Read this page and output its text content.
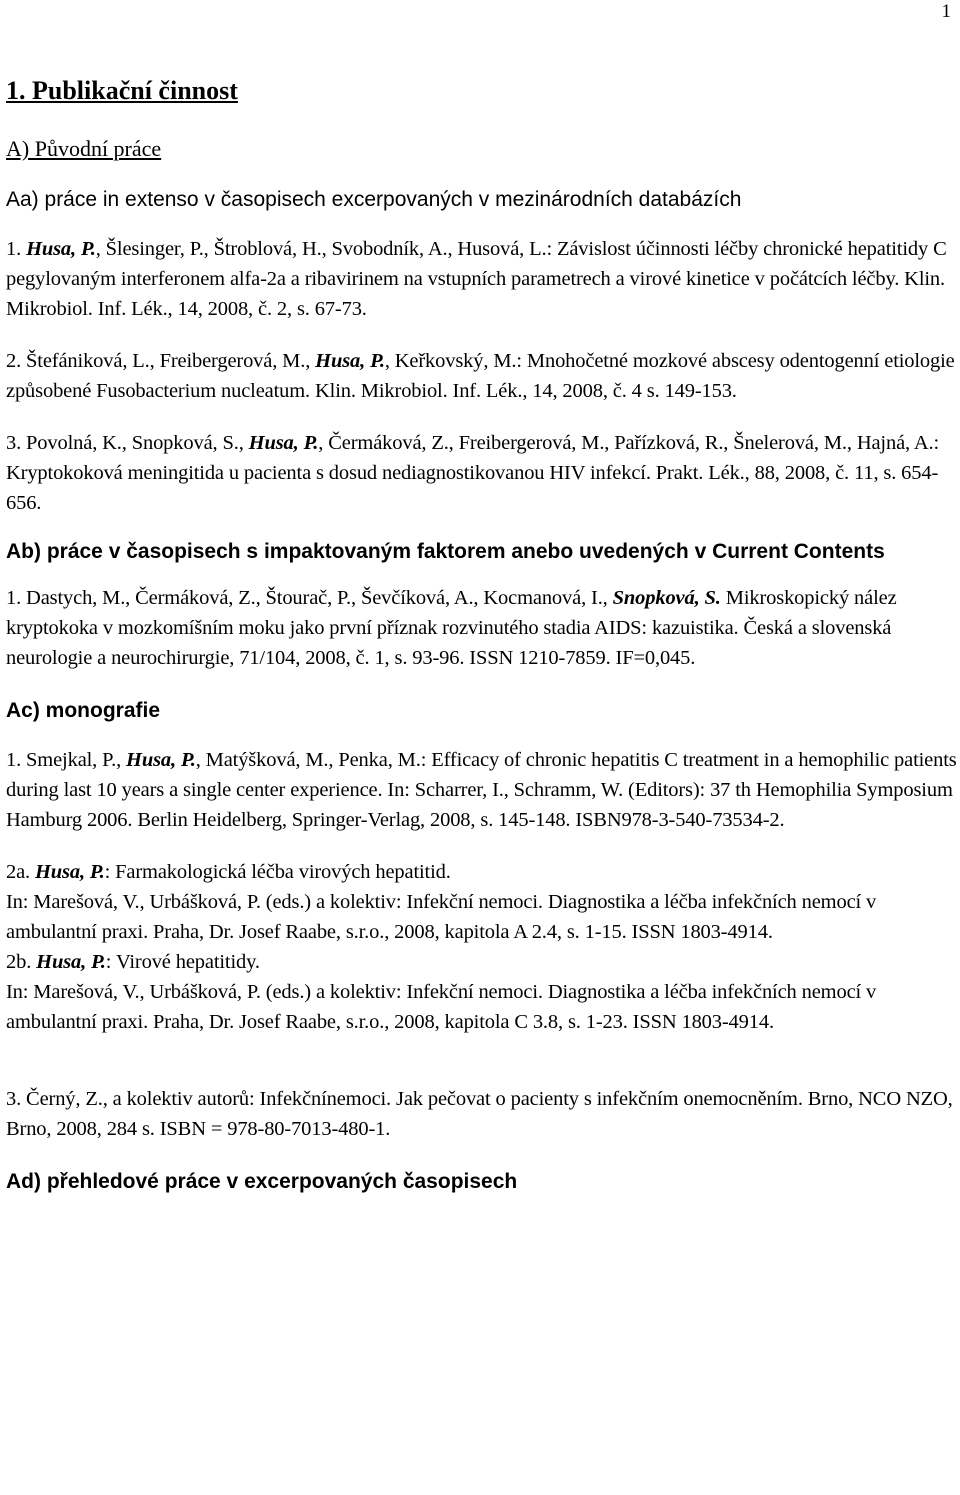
1
1. Publikační činnost
A) Původní práce
Aa) práce in extenso v časopisech excerpovaných v mezinárodních databázích
1. Husa, P., Šlesinger, P., Štroblová, H., Svobodník, A., Husová, L.: Závislost účinnosti léčby chronické hepatitidy C pegylovaným interferonem alfa-2a a ribavirinem na vstupních parametrech a virové kinetice v počátcích léčby. Klin. Mikrobiol. Inf. Lék., 14, 2008, č. 2, s. 67-73.
2. Štefániková, L., Freibergerová, M., Husa, P., Keřkovský, M.: Mnohočetné mozkové abscesy odentogenní etiologie způsobené Fusobacterium nucleatum. Klin. Mikrobiol. Inf. Lék., 14, 2008, č. 4 s. 149-153.
3. Povolná, K., Snopková, S., Husa, P., Čermáková, Z., Freibergerová, M., Pařízková, R., Šnelerová, M., Hajná, A.: Kryptokoková meningitida u pacienta s dosud nediagnostikovanou HIV infekcí. Prakt. Lék., 88, 2008, č. 11, s. 654-656.
Ab) práce v časopisech s impaktovaným faktorem anebo uvedených v Current Contents
1. Dastych, M., Čermáková, Z., Štourač, P., Ševčíková, A., Kocmanová, I., Snopková, S. Mikroskopický nález kryptokoka v mozkomíšním moku jako první příznak rozvinutého stadia AIDS: kazuistika. Česká a slovenská neurologie a neurochirurgie, 71/104, 2008, č. 1, s. 93-96. ISSN 1210-7859. IF=0,045.
Ac) monografie
1. Smejkal, P., Husa, P., Matýšková, M., Penka, M.: Efficacy of chronic hepatitis C treatment in a hemophilic patients during last 10 years a single center experience. In: Scharrer, I., Schramm, W. (Editors): 37 th Hemophilia Symposium Hamburg 2006. Berlin Heidelberg, Springer-Verlag, 2008, s. 145-148. ISBN978-3-540-73534-2.
2a. Husa, P.: Farmakologická léčba virových hepatitid.
In: Marešová, V., Urbášková, P. (eds.) a kolektiv: Infekční nemoci. Diagnostika a léčba infekčních nemocí v ambulantní praxi. Praha, Dr. Josef Raabe, s.r.o., 2008, kapitola A 2.4, s. 1-15. ISSN 1803-4914.
2b. Husa, P.: Virové hepatitidy.
In: Marešová, V., Urbášková, P. (eds.) a kolektiv: Infekční nemoci. Diagnostika a léčba infekčních nemocí v ambulantní praxi. Praha, Dr. Josef Raabe, s.r.o., 2008, kapitola C 3.8, s. 1-23. ISSN 1803-4914.
3. Černý, Z., a kolektiv autorů: Infekčnínemoci. Jak pečovat o pacienty s infekčním onemocněním. Brno, NCO NZO, Brno, 2008, 284 s. ISBN = 978-80-7013-480-1.
Ad) přehledové práce v excerpovaných časopisech
